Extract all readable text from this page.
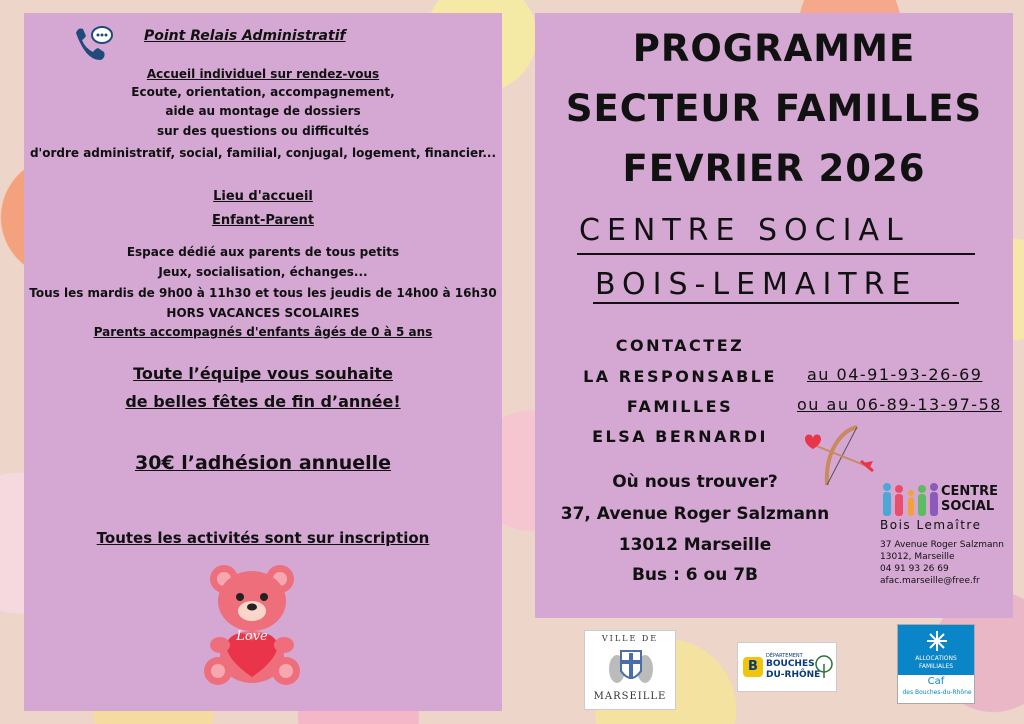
Point Relais Administratif
Accueil individuel sur rendez-vous
Ecoute, orientation, accompagnement,
aide au montage de dossiers
sur des questions ou difficultés
d'ordre administratif, social, familial, conjugal, logement, financier...
Lieu d'accueil
Enfant-Parent
Espace dédié aux parents de tous petits
Jeux, socialisation, échanges...
Tous les mardis de 9h00 à 11h30 et tous les jeudis de 14h00 à 16h30
HORS VACANCES SCOLAIRES
Parents accompagnés d'enfants âgés de 0 à 5 ans
Toute l’équipe vous souhaite
de belles fêtes de fin d’année!
30€ l’adhésion annuelle
Toutes les activités sont sur inscription
Love
PROGRAMME
SECTEUR FAMILLES
FEVRIER 2026
CENTRE SOCIAL
BOIS-LEMAITRE
CONTACTEZ
LA RESPONSABLE
FAMILLES
ELSA BERNARDI
au 04-91-93-26-69
ou au 06-89-13-97-58
Où nous trouver?
37, Avenue Roger Salzmann
13012 Marseille
Bus : 6 ou 7B
CENTRE
SOCIAL
Bois Lemaître
37 Avenue Roger Salzmann
13012, Marseille
04 91 93 26 69
afac.marseille@free.fr
VILLE DE
MARSEILLE
B
DÉPARTEMENT
BOUCHES
DU-RHÔNE
ALLOCATIONS
FAMILIALES
Caf
des Bouches-du-Rhône
